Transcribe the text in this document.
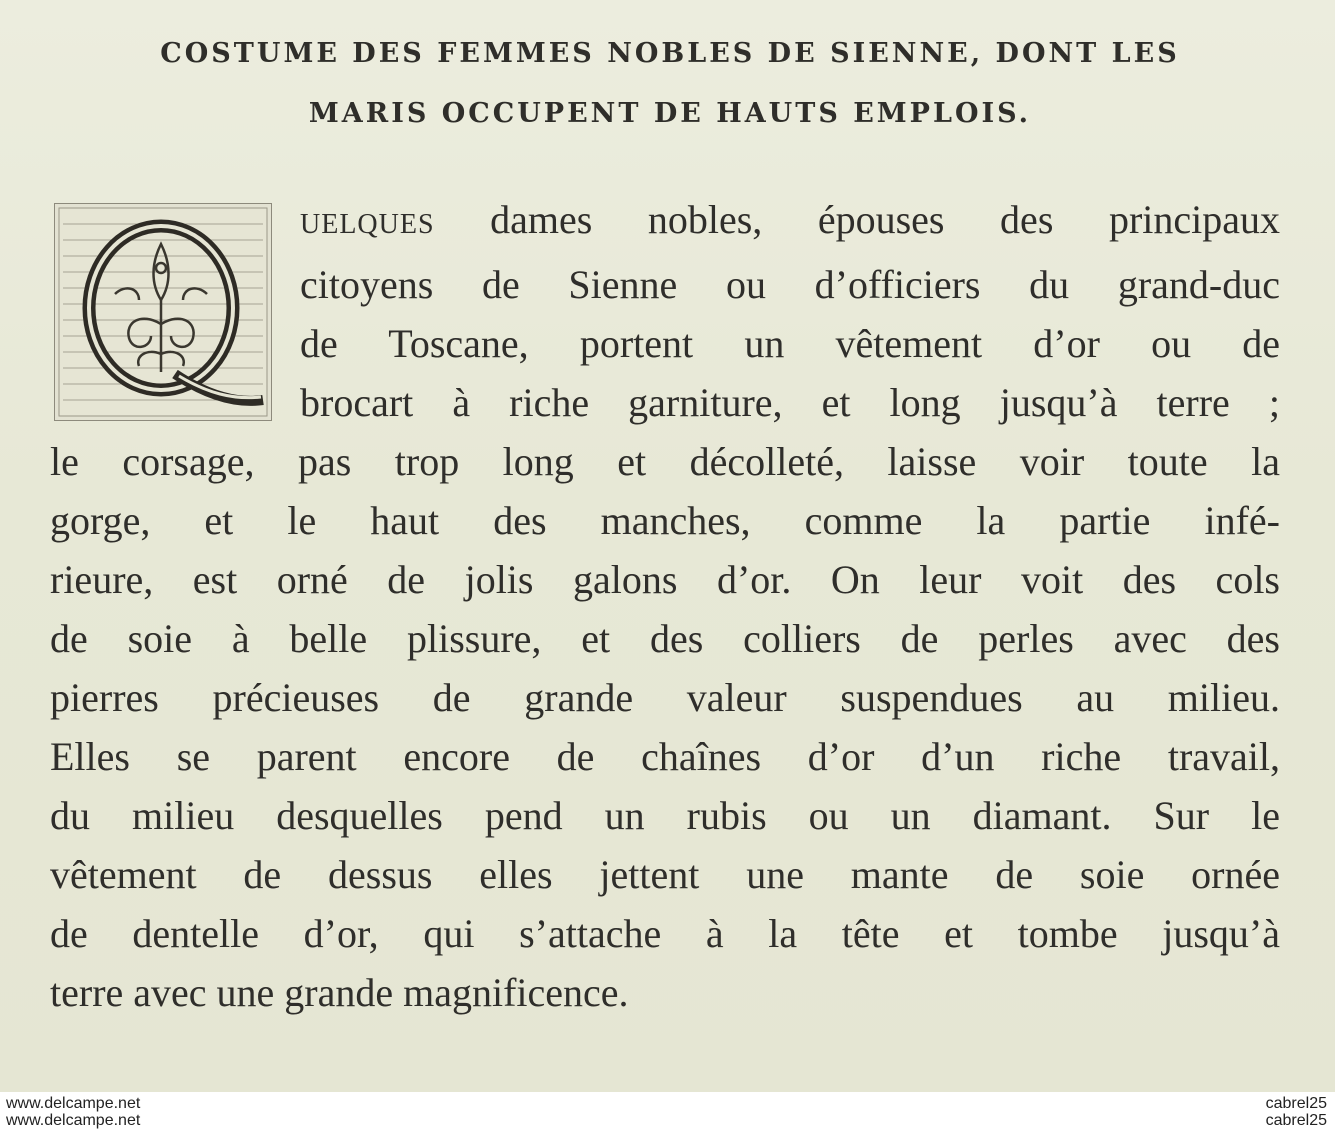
COSTUME DES FEMMES NOBLES DE SIENNE, DONT LES
MARIS OCCUPENT DE HAUTS EMPLOIS.
UELQUES dames nobles, épouses des principaux
citoyens de Sienne ou d’officiers du grand-duc
de Toscane, portent un vêtement d’or ou de
brocart à riche garniture, et long jusqu’à terre ;
le corsage, pas trop long et décolleté, laisse voir toute la
gorge, et le haut des manches, comme la partie infé-
rieure, est orné de jolis galons d’or. On leur voit des cols
de soie à belle plissure, et des colliers de perles avec des
pierres précieuses de grande valeur suspendues au milieu.
Elles se parent encore de chaînes d’or d’un riche travail,
du milieu desquelles pend un rubis ou un diamant. Sur le
vêtement de dessus elles jettent une mante de soie ornée
de dentelle d’or, qui s’attache à la tête et tombe jusqu’à
terre avec une grande magnificence.
www.delcampe.net
www.delcampe.net
cabrel25
cabrel25
